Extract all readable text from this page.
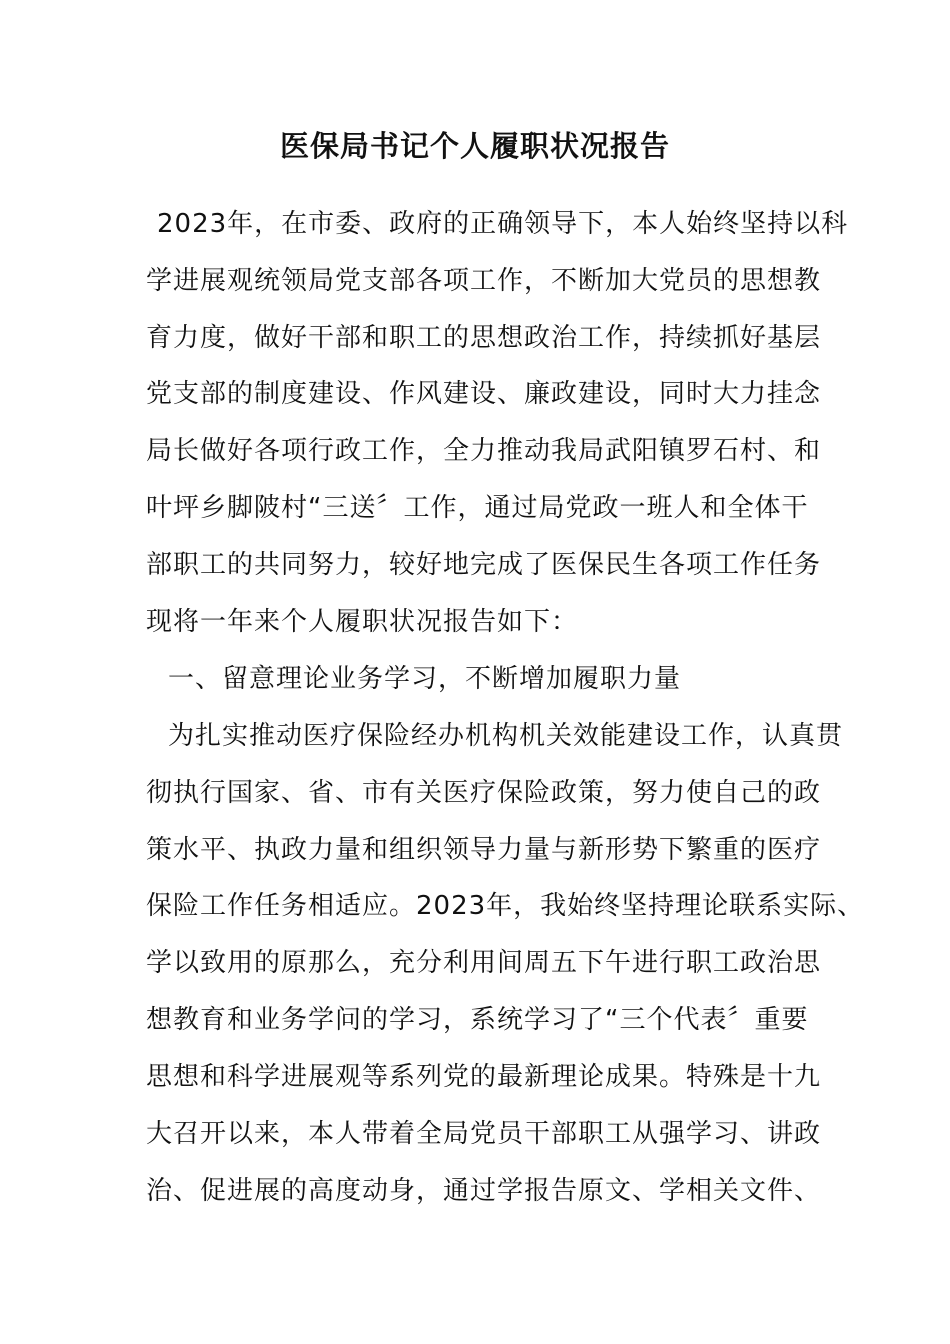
医保局书记个人履职状况报告
2023年，在市委、政府的正确领导下，本人始终坚持以科
学进展观统领局党支部各项工作，不断加大党员的思想教
育力度，做好干部和职工的思想政治工作，持续抓好基层
党支部的制度建设、作风建设、廉政建设，同时大力挂念
局长做好各项行政工作，全力推动我局武阳镇罗石村、和
叶坪乡脚陂村“三送〞工作，通过局党政一班人和全体干
部职工的共同努力，较好地完成了医保民生各项工作任务
现将一年来个人履职状况报告如下：
一、留意理论业务学习，不断增加履职力量
为扎实推动医疗保险经办机构机关效能建设工作，认真贯
彻执行国家、省、市有关医疗保险政策，努力使自己的政
策水平、执政力量和组织领导力量与新形势下繁重的医疗
保险工作任务相适应。2023年，我始终坚持理论联系实际、
学以致用的原那么，充分利用间周五下午进行职工政治思
想教育和业务学问的学习，系统学习了“三个代表〞重要
思想和科学进展观等系列党的最新理论成果。特殊是十九
大召开以来，本人带着全局党员干部职工从强学习、讲政
治、促进展的高度动身，通过学报告原文、学相关文件、
